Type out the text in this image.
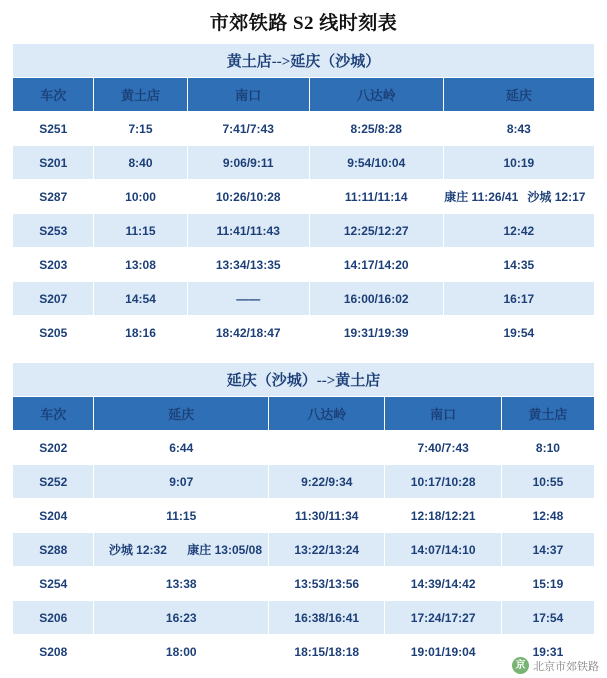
市郊铁路 S2 线时刻表
黄土店-->延庆（沙城）				
车次	黄土店	南口	八达岭	延庆
S251	7:15	7:41/7:43	8:25/8:28	8:43
S201	8:40	9:06/9:11	9:54/10:04	10:19
S287	10:00	10:26/10:28	11:11/11:14	康庄 11:26/41 沙城 12:17

S253	11:15	11:41/11:43	12:25/12:27	12:42
S203	13:08	13:34/13:35	14:17/14:20	14:35
S207	14:54	——	16:00/16:02	16:17
S205	18:16	18:42/18:47	19:31/19:39	19:54
延庆（沙城）-->黄土店				
车次	延庆	八达岭	南口	黄土店
S202	6:44		7:40/7:43	8:10
S252	9:07	9:22/9:34	10:17/10:28	10:55
S204	11:15	11:30/11:34	12:18/12:21	12:48
S288	沙城 12:32 康庄 13:05/08	13:22/13:24	14:07/14:10	14:37
S254	13:38	13:53/13:56	14:39/14:42	15:19
S206	16:23	16:38/16:41	17:24/17:27	17:54
S208	18:00	18:15/18:18	19:01/19:04	19:31
京 北京市郊铁路
